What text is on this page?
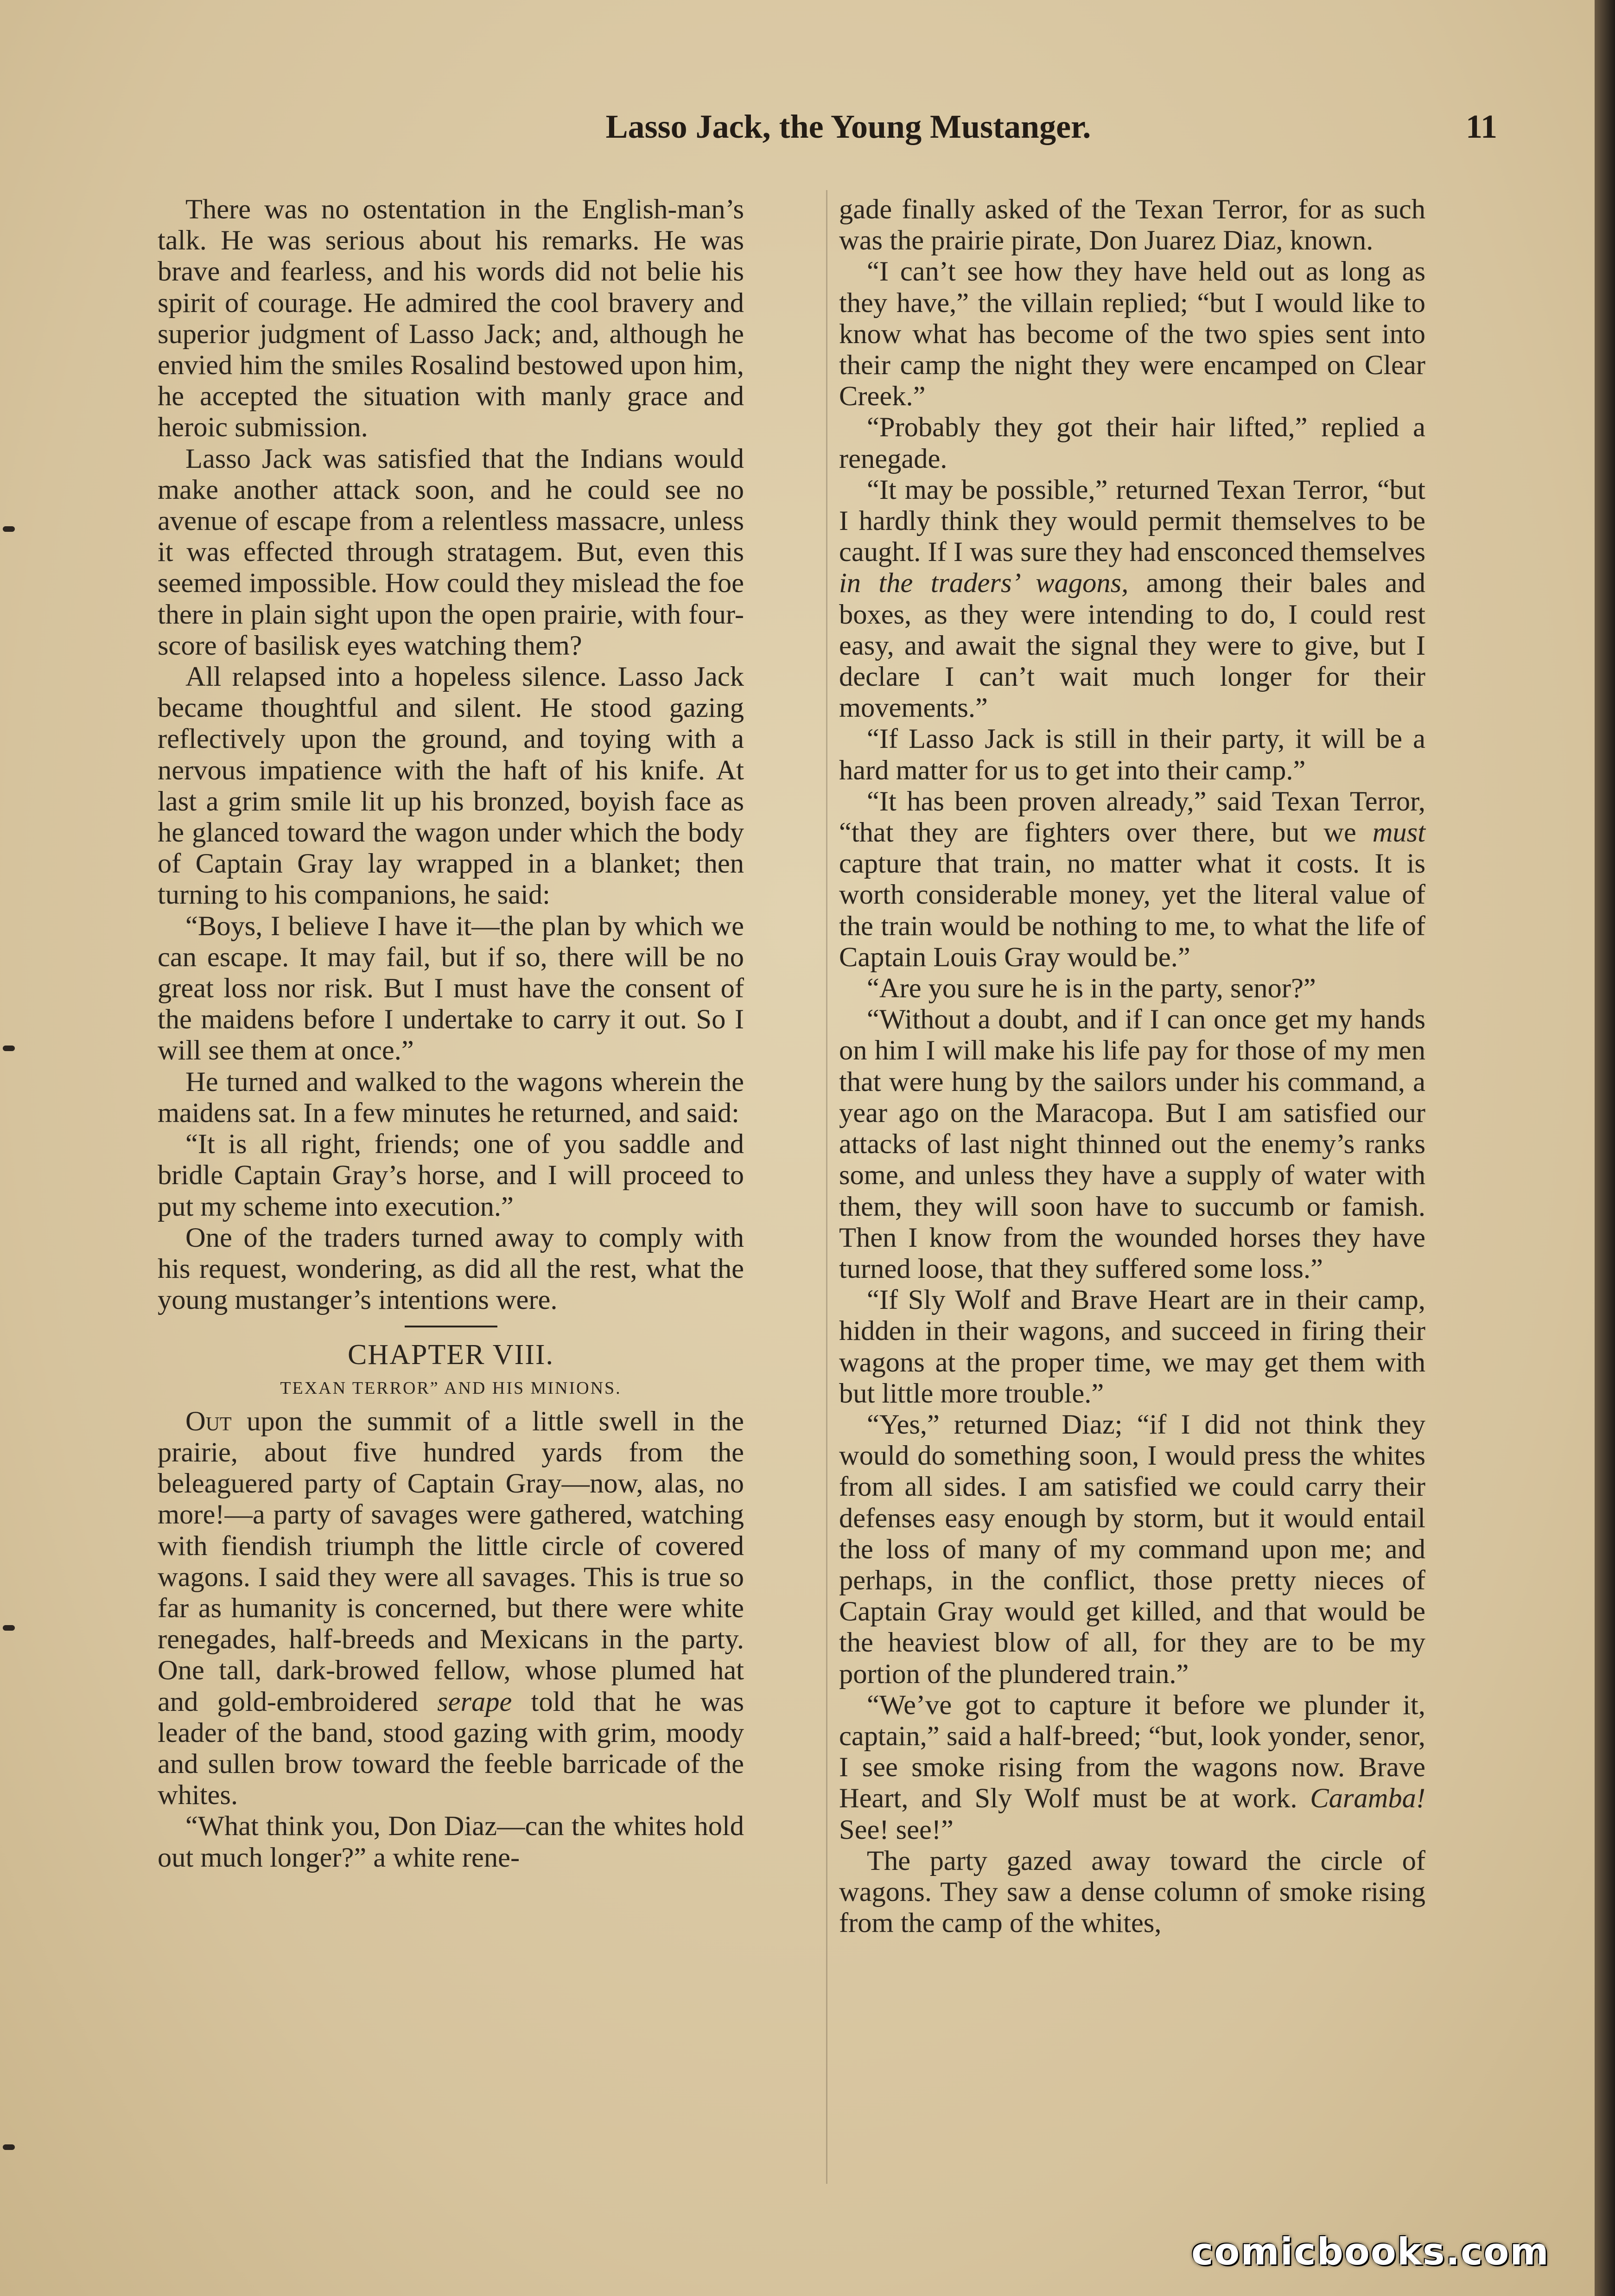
Lasso Jack, the Young Mustanger.	11

There was no ostentation in the English-man’s talk. He was serious about his remarks. He was brave and fearless, and his words did not belie his spirit of courage. He admired the cool bravery and superior judgment of Lasso Jack; and, although he envied him the smiles Rosalind bestowed upon him, he accepted the situation with manly grace and heroic submission.

Lasso Jack was satisfied that the Indians would make another attack soon, and he could see no avenue of escape from a relentless massacre, unless it was effected through stratagem. But, even this seemed impossible. How could they mislead the foe there in plain sight upon the open prairie, with four-score of basilisk eyes watching them?

All relapsed into a hopeless silence. Lasso Jack became thoughtful and silent. He stood gazing reflectively upon the ground, and toying with a nervous impatience with the haft of his knife. At last a grim smile lit up his bronzed, boyish face as he glanced toward the wagon under which the body of Captain Gray lay wrapped in a blanket; then turning to his companions, he said:

“Boys, I believe I have it—the plan by which we can escape. It may fail, but if so, there will be no great loss nor risk. But I must have the consent of the maidens before I undertake to carry it out. So I will see them at once.”

He turned and walked to the wagons wherein the maidens sat. In a few minutes he returned, and said:

“It is all right, friends; one of you saddle and bridle Captain Gray’s horse, and I will proceed to put my scheme into execution.”

One of the traders turned away to comply with his request, wondering, as did all the rest, what the young mustanger’s intentions were.

CHAPTER VIII.
TEXAN TERROR” AND HIS MINIONS.

Out upon the summit of a little swell in the prairie, about five hundred yards from the beleaguered party of Captain Gray—now, alas, no more!—a party of savages were gathered, watching with fiendish triumph the little circle of covered wagons. I said they were all savages. This is true so far as humanity is concerned, but there were white renegades, half-breeds and Mexicans in the party. One tall, dark-browed fellow, whose plumed hat and gold-embroidered serape told that he was leader of the band, stood gazing with grim, moody and sullen brow toward the feeble barricade of the whites.

“What think you, Don Diaz—can the whites hold out much longer?” a white rene-

gade finally asked of the Texan Terror, for as such was the prairie pirate, Don Juarez Diaz, known.

“I can’t see how they have held out as long as they have,” the villain replied; “but I would like to know what has become of the two spies sent into their camp the night they were encamped on Clear Creek.”

“Probably they got their hair lifted,” replied a renegade.

“It may be possible,” returned Texan Terror, “but I hardly think they would permit themselves to be caught. If I was sure they had ensconced themselves in the traders’ wagons, among their bales and boxes, as they were intending to do, I could rest easy, and await the signal they were to give, but I declare I can’t wait much longer for their movements.”

“If Lasso Jack is still in their party, it will be a hard matter for us to get into their camp.”

“It has been proven already,” said Texan Terror, “that they are fighters over there, but we must capture that train, no matter what it costs. It is worth considerable money, yet the literal value of the train would be nothing to me, to what the life of Captain Louis Gray would be.”

“Are you sure he is in the party, senor?”

“Without a doubt, and if I can once get my hands on him I will make his life pay for those of my men that were hung by the sailors under his command, a year ago on the Maracopa. But I am satisfied our attacks of last night thinned out the enemy’s ranks some, and unless they have a supply of water with them, they will soon have to succumb or famish. Then I know from the wounded horses they have turned loose, that they suffered some loss.”

“If Sly Wolf and Brave Heart are in their camp, hidden in their wagons, and succeed in firing their wagons at the proper time, we may get them with but little more trouble.”

“Yes,” returned Diaz; “if I did not think they would do something soon, I would press the whites from all sides. I am satisfied we could carry their defenses easy enough by storm, but it would entail the loss of many of my command upon me; and perhaps, in the conflict, those pretty nieces of Captain Gray would get killed, and that would be the heaviest blow of all, for they are to be my portion of the plundered train.”

“We’ve got to capture it before we plunder it, captain,” said a half-breed; “but, look yonder, senor, I see smoke rising from the wagons now. Brave Heart, and Sly Wolf must be at work. Caramba! See! see!”

The party gazed away toward the circle of wagons. They saw a dense column of smoke rising from the camp of the whites,

comicbooks.com
